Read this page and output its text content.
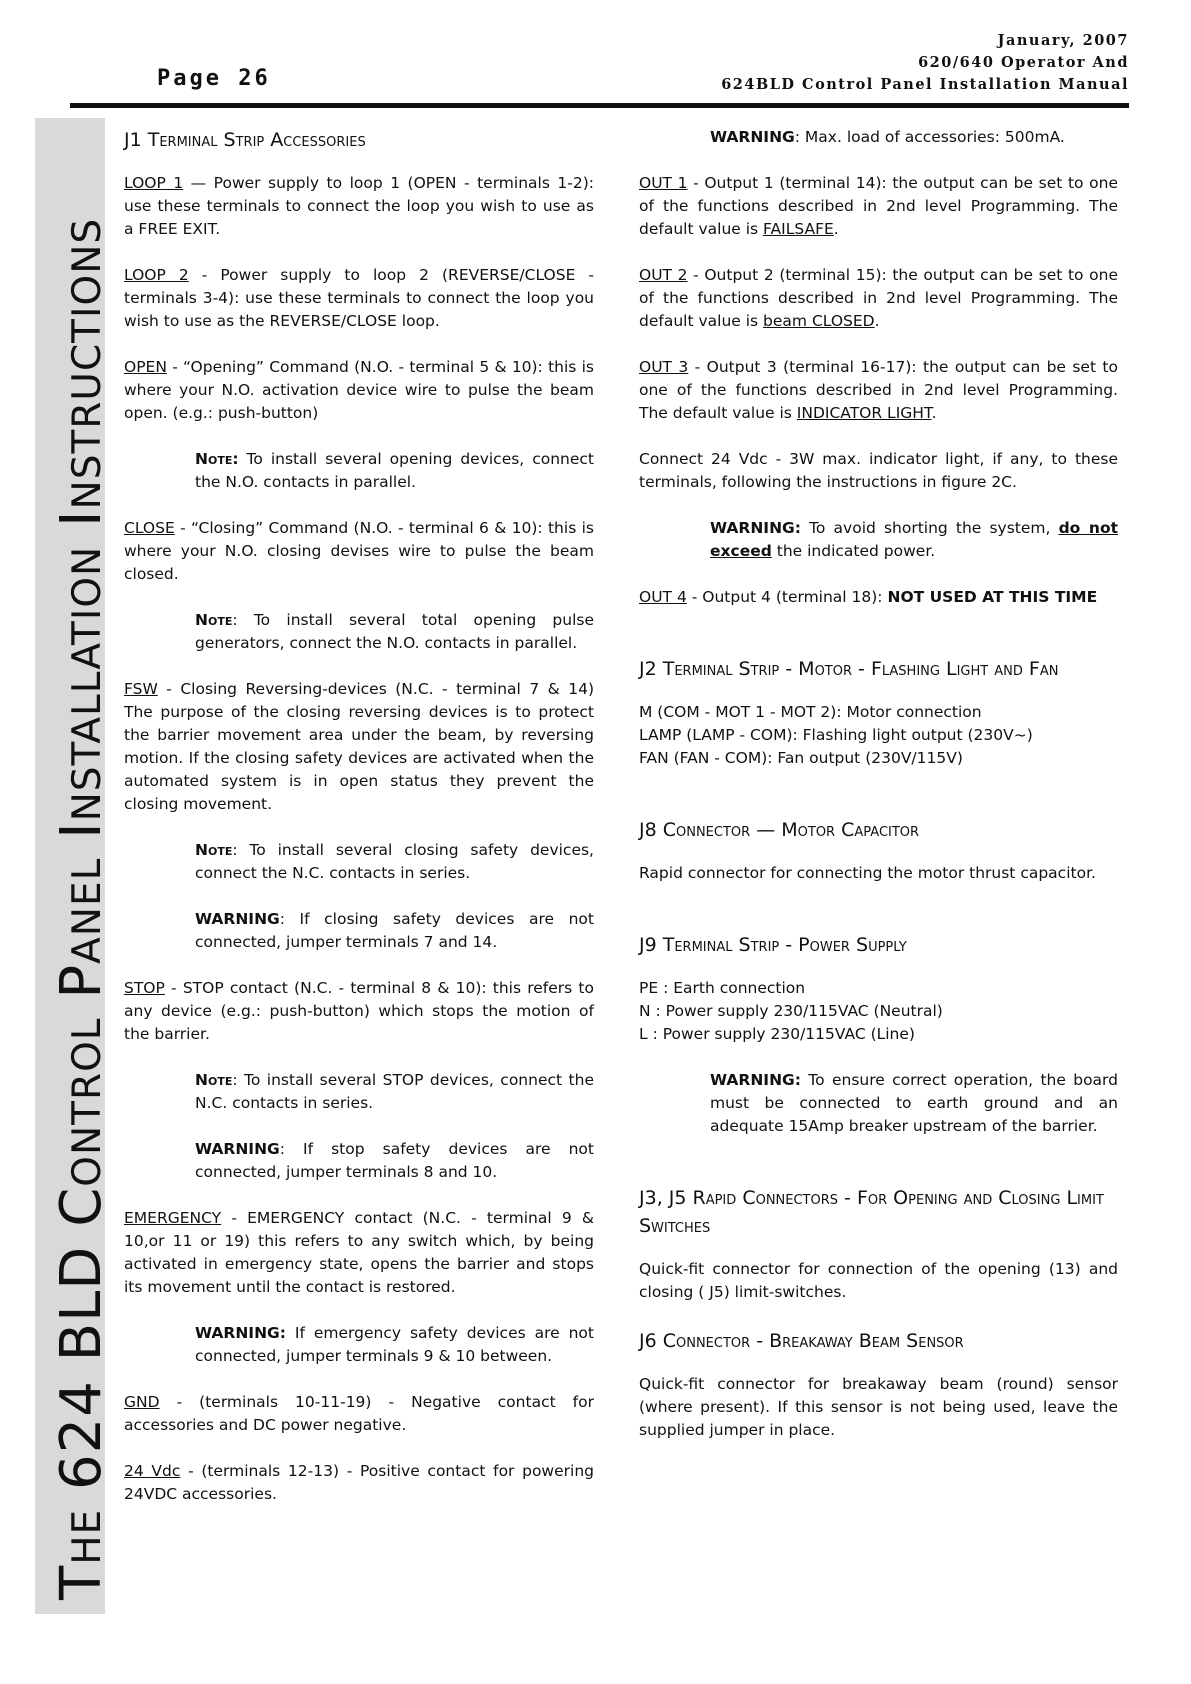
The 624 BLD Control Panel Installation Instructions
Page 26
January, 2007
620/640 Operator And
624BLD Control Panel Installation Manual
J1 Terminal Strip Accessories

LOOP 1 — Power supply to loop 1 (OPEN - terminals 1-2): use these terminals to connect the loop you wish to use as a FREE EXIT.

LOOP 2 - Power supply to loop 2 (REVERSE/CLOSE - terminals 3-4): use these terminals to connect the loop you wish to use as the REVERSE/CLOSE loop.

OPEN - “Opening” Command (N.O. - terminal 5 & 10): this is where your N.O. activation device wire to pulse the beam open. (e.g.: push-button)

Note: To install several opening devices, connect the N.O. contacts in parallel.

CLOSE - “Closing” Command (N.O. - terminal 6 & 10): this is where your N.O. closing devises wire to pulse the beam closed.

Note: To install several total opening pulse generators, connect the N.O. contacts in parallel.

FSW - Closing Reversing-devices (N.C. - terminal 7 & 14) The purpose of the closing reversing devices is to protect the barrier movement area under the beam, by reversing motion. If the closing safety devices are activated when the automated system is in open status they prevent the closing movement.

Note: To install several closing safety devices, connect the N.C. contacts in series.

WARNING: If closing safety devices are not connected, jumper terminals 7 and 14.

STOP - STOP contact (N.C. - terminal 8 & 10): this refers to any device (e.g.: push-button) which stops the motion of the barrier.

Note: To install several STOP devices, connect the N.C. contacts in series.

WARNING: If stop safety devices are not connected, jumper terminals 8 and 10.

EMERGENCY - EMERGENCY contact (N.C. - terminal 9 & 10,or 11 or 19) this refers to any switch which, by being activated in emergency state, opens the barrier and stops its movement until the contact is restored.

WARNING: If emergency safety devices are not connected, jumper terminals 9 & 10 between.

GND - (terminals 10-11-19) - Negative contact for accessories and DC power negative.

24 Vdc - (terminals 12-13) - Positive contact for powering 24VDC accessories.

WARNING: Max. load of accessories: 500mA.

OUT 1 - Output 1 (terminal 14): the output can be set to one of the functions described in 2nd level Programming. The default value is FAILSAFE.

OUT 2 - Output 2 (terminal 15): the output can be set to one of the functions described in 2nd level Programming. The default value is beam CLOSED.

OUT 3 - Output 3 (terminal 16-17): the output can be set to one of the functions described in 2nd level Programming. The default value is INDICATOR LIGHT.

Connect 24 Vdc - 3W max. indicator light, if any, to these terminals, following the instructions in figure 2C.

WARNING: To avoid shorting the system, do not exceed the indicated power.

OUT 4 - Output 4 (terminal 18): NOT USED AT THIS TIME

J2 Terminal Strip - Motor - Flashing Light and Fan

M (COM - MOT 1 - MOT 2): Motor connection

LAMP (LAMP - COM): Flashing light output (230V~)

FAN (FAN - COM): Fan output (230V/115V)

J8 Connector — Motor Capacitor

Rapid connector for connecting the motor thrust capacitor.

J9 Terminal Strip - Power Supply

PE : Earth connection

N : Power supply 230/115VAC (Neutral)

L : Power supply 230/115VAC (Line)

WARNING: To ensure correct operation, the board must be connected to earth ground and an adequate 15Amp breaker upstream of the barrier.

J3, J5 Rapid Connectors - For Opening and Closing Limit Switches

Quick-fit connector for connection of the opening (13) and closing ( J5) limit-switches.

J6 Connector - Breakaway Beam Sensor

Quick-fit connector for breakaway beam (round) sensor (where present). If this sensor is not being used, leave the supplied jumper in place.
